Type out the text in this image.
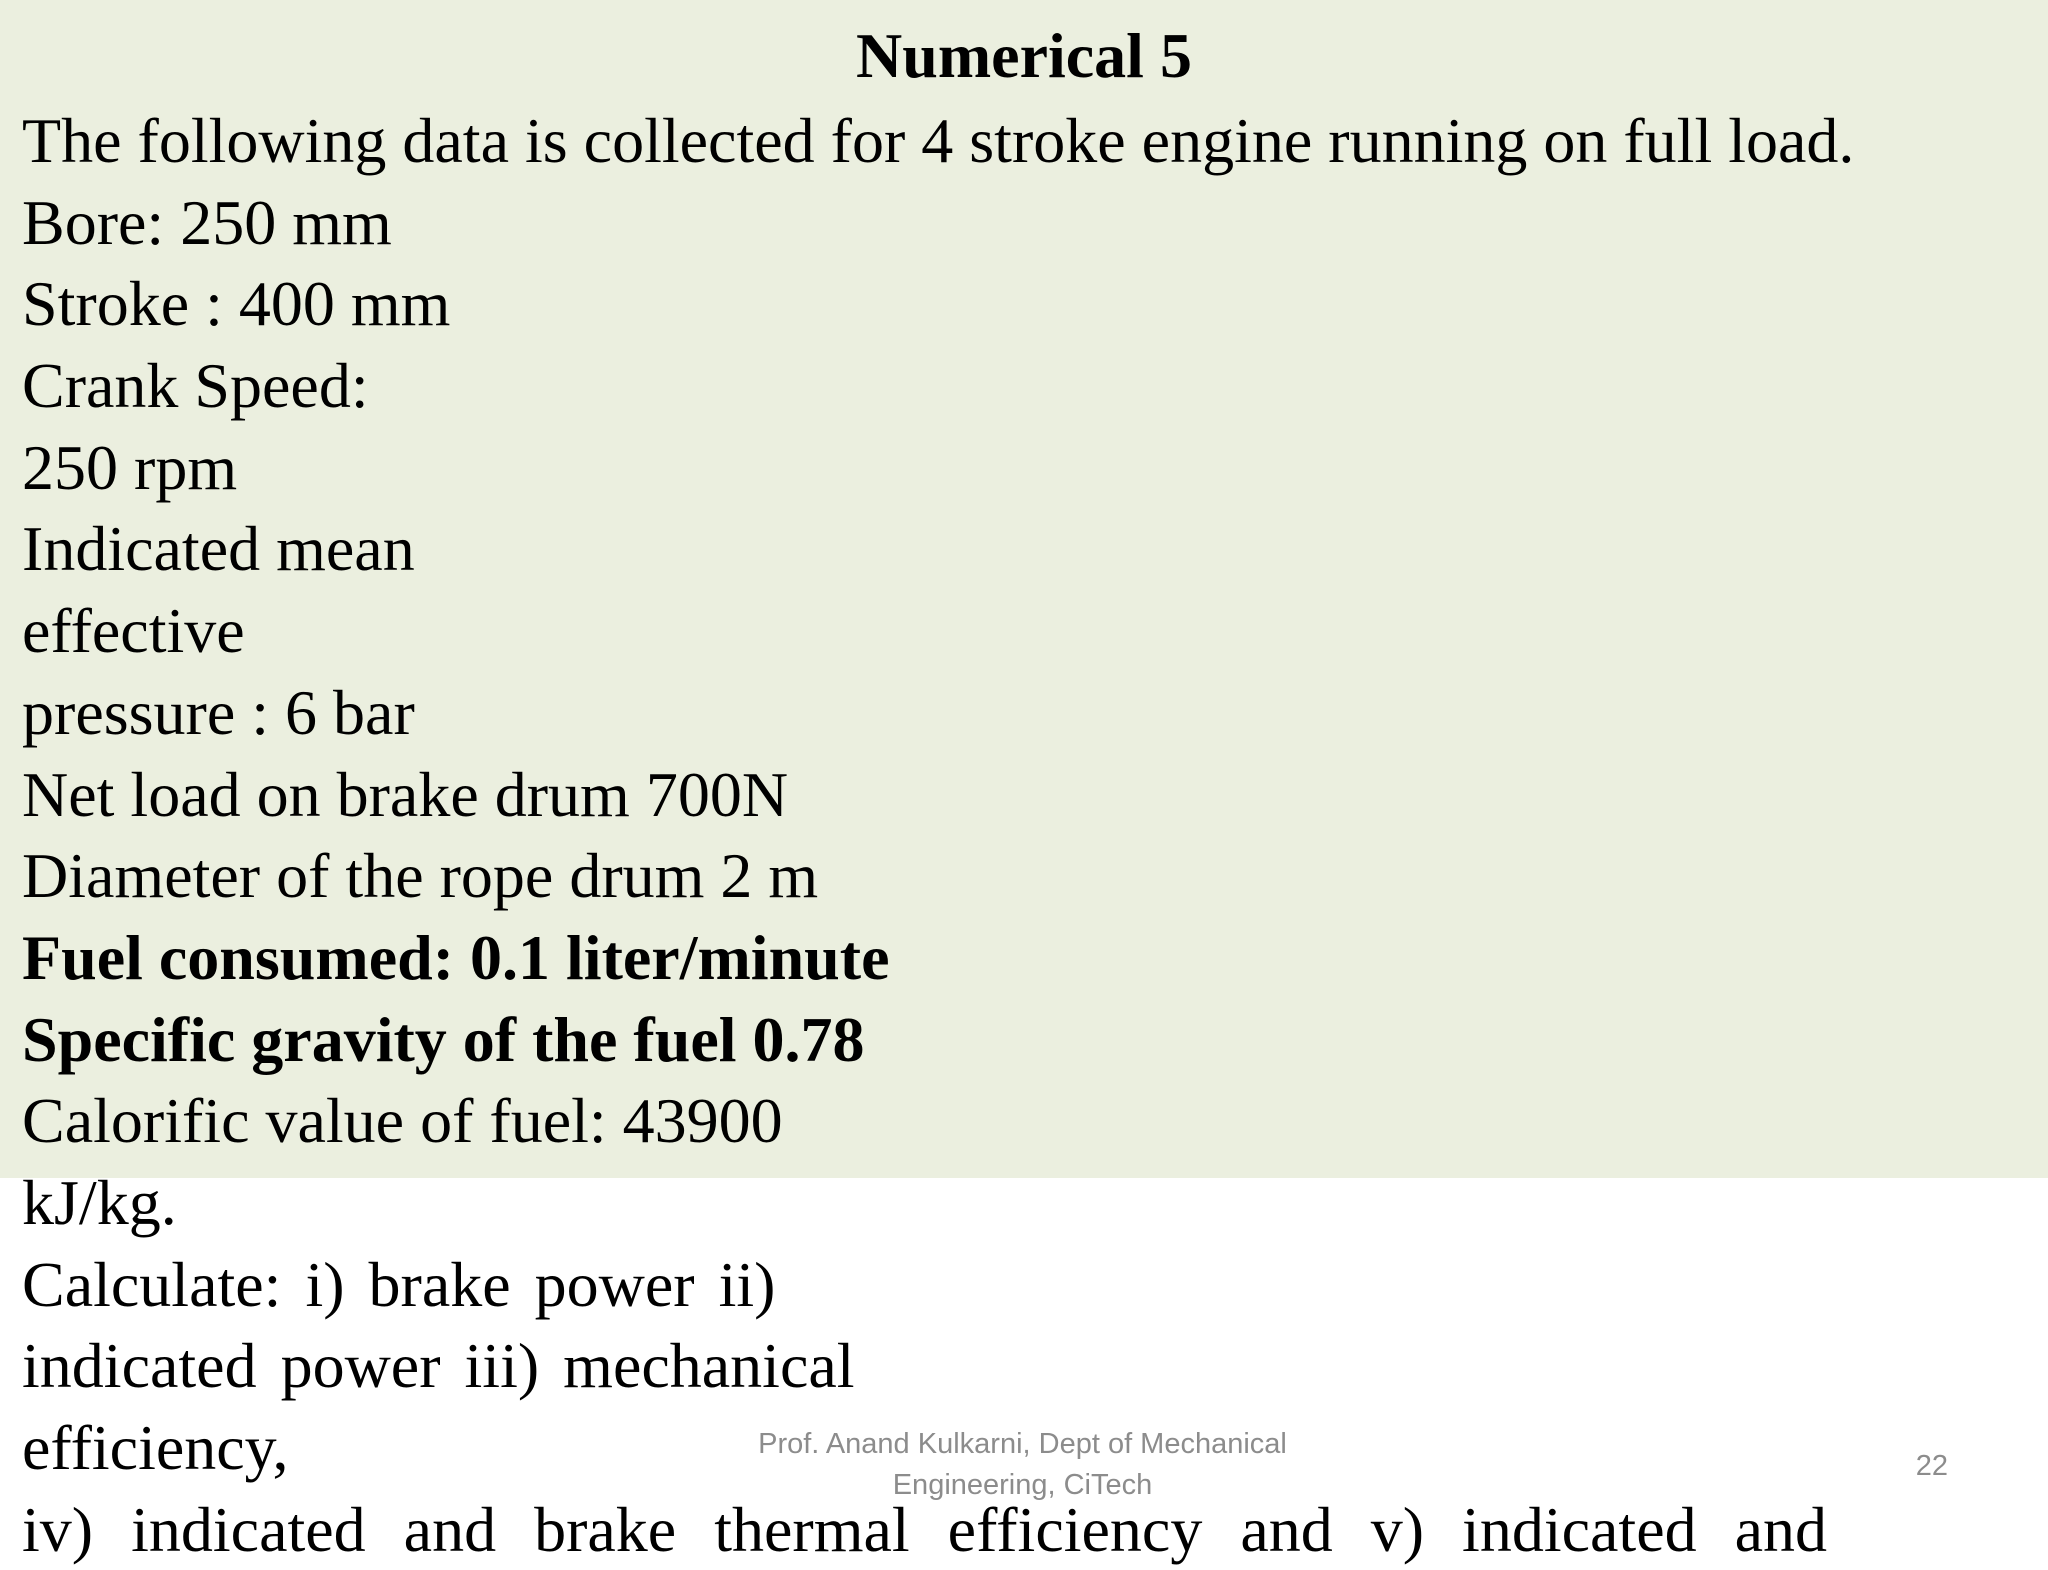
Numerical 5
The following data is collected for 4 stroke engine running on full load.
Bore: 250 mm
Stroke : 400 mm
Crank Speed:
250 rpm
Indicated mean
effective
pressure : 6 bar
Net load on brake drum 700N
Diameter of the rope drum 2 m
Fuel consumed: 0.1 liter/minute
Specific gravity of the fuel 0.78
Calorific value of fuel: 43900
kJ/kg.
Calculate: i) brake power ii)
indicated power iii) mechanical
efficiency,
iv) indicated and brake thermal efficiency and v) indicated and

Prof. Anand Kulkarni, Dept of Mechanical Engineering, CiTech

22
